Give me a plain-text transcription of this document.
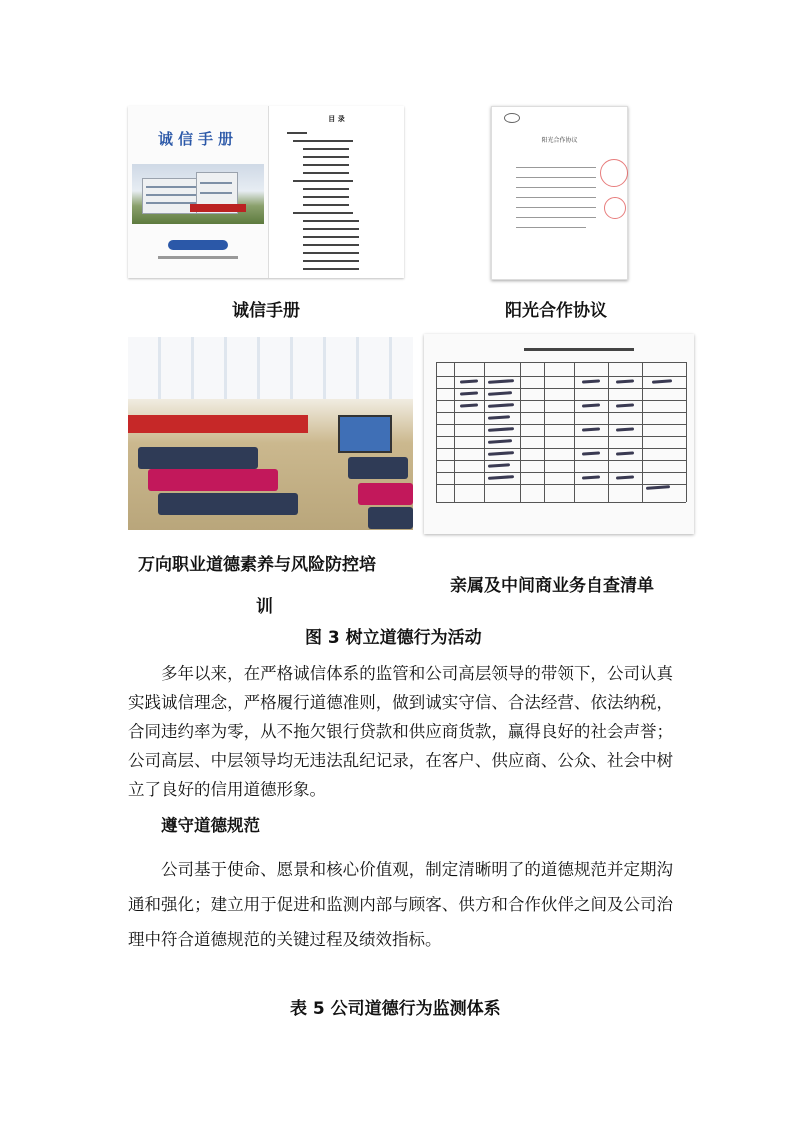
诚信手册
目 录
诚信手册
阳光合作协议
阳光合作协议
万向职业道德素养与风险防控培
训
亲属及中间商业务自查清单
图 3 树立道德行为活动
多年以来，在严格诚信体系的监管和公司高层领导的带领下，公司认真实践诚信理念，严格履行道德准则，做到诚实守信、合法经营、依法纳税，合同违约率为零，从不拖欠银行贷款和供应商货款，赢得良好的社会声誉；公司高层、中层领导均无违法乱纪记录，在客户、供应商、公众、社会中树立了良好的信用道德形象。
遵守道德规范
公司基于使命、愿景和核心价值观，制定清晰明了的道德规范并定期沟通和强化；建立用于促进和监测内部与顾客、供方和合作伙伴之间及公司治理中符合道德规范的关键过程及绩效指标。
表 5 公司道德行为监测体系
